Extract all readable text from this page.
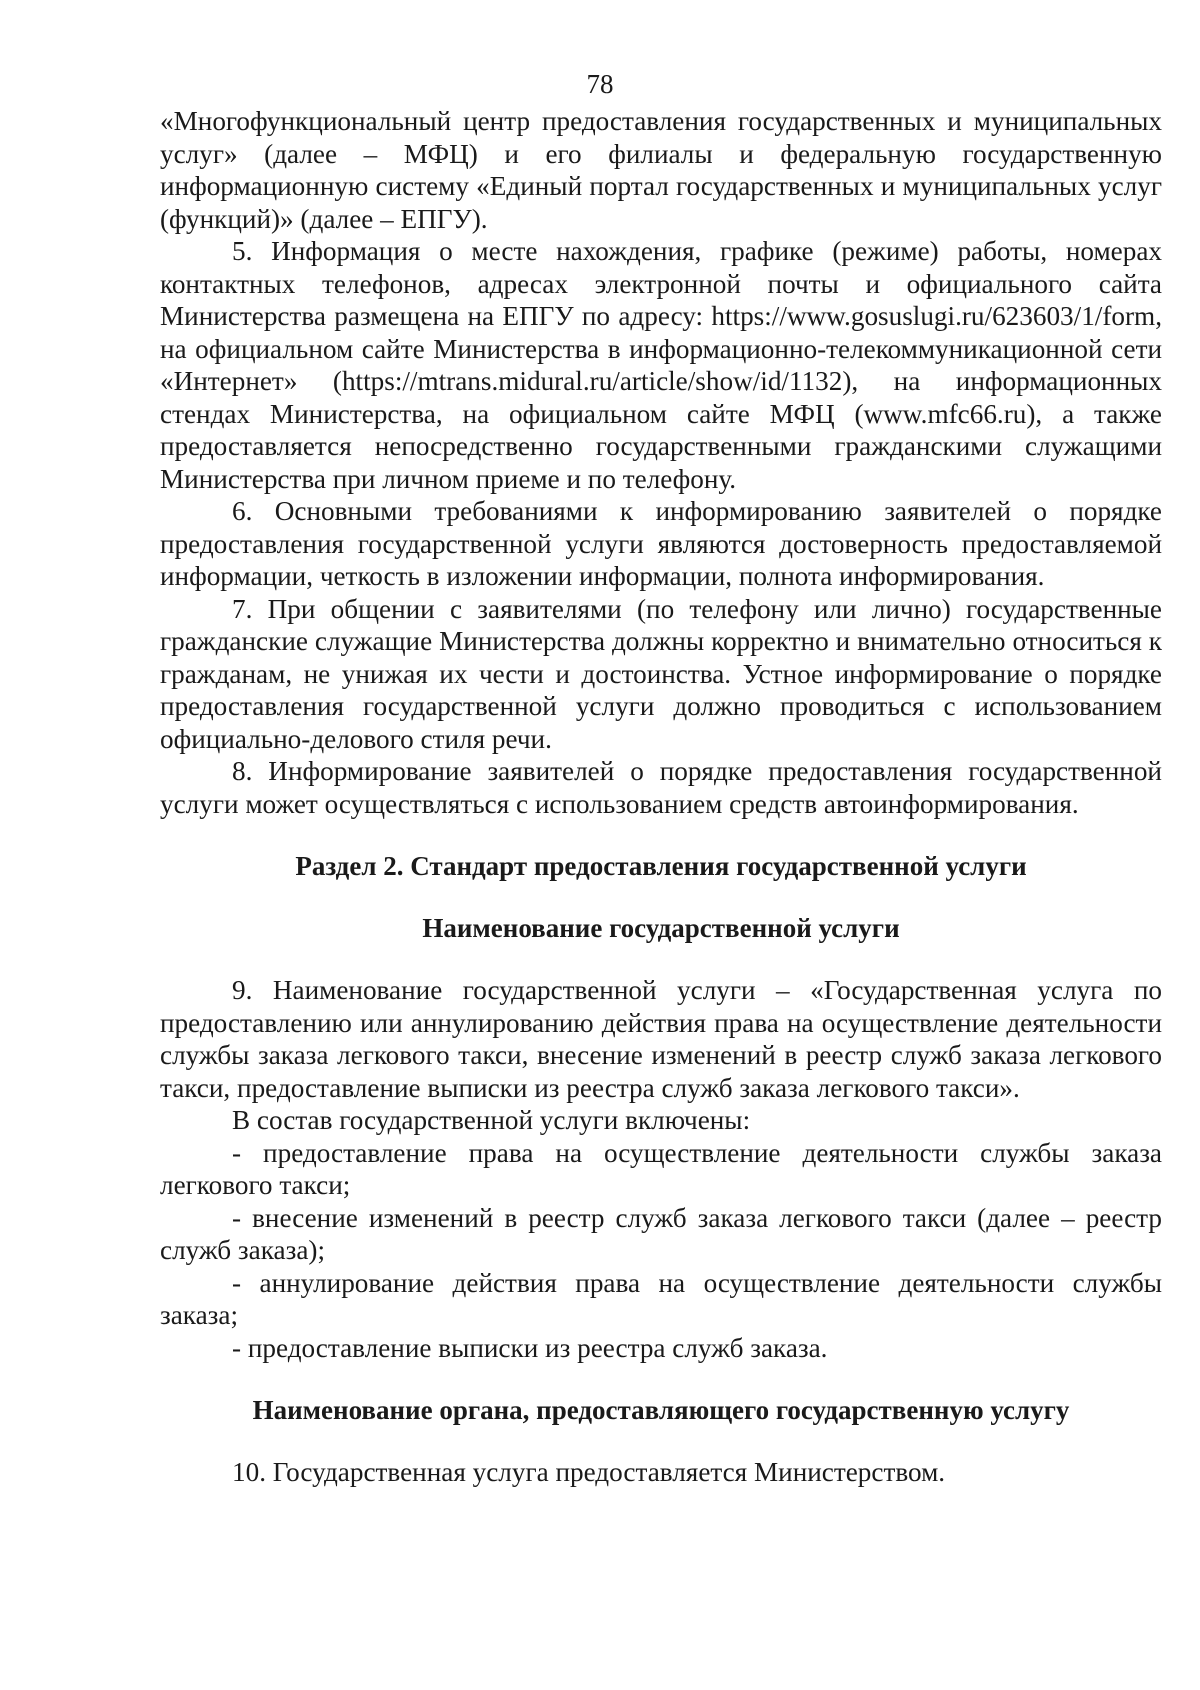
78

«Многофункциональный центр предоставления государственных и муниципальных услуг» (далее – МФЦ) и его филиалы и федеральную государственную информационную систему «Единый портал государственных и муниципальных услуг (функций)» (далее – ЕПГУ).

5. Информация о месте нахождения, графике (режиме) работы, номерах контактных телефонов, адресах электронной почты и официального сайта Министерства размещена на ЕПГУ по адресу: https://www.gosuslugi.ru/623603/1/form, на официальном сайте Министерства в информационно-телекоммуникационной сети «Интернет» (https://mtrans.midural.ru/article/show/id/1132), на информационных стендах Министерства, на официальном сайте МФЦ (www.mfc66.ru), а также предоставляется непосредственно государственными гражданскими служащими Министерства при личном приеме и по телефону.

6. Основными требованиями к информированию заявителей о порядке предоставления государственной услуги являются достоверность предоставляемой информации, четкость в изложении информации, полнота информирования.

7. При общении с заявителями (по телефону или лично) государственные гражданские служащие Министерства должны корректно и внимательно относиться к гражданам, не унижая их чести и достоинства. Устное информирование о порядке предоставления государственной услуги должно проводиться с использованием официально-делового стиля речи.

8. Информирование заявителей о порядке предоставления государственной услуги может осуществляться с использованием средств автоинформирования.

Раздел 2. Стандарт предоставления государственной услуги
Наименование государственной услуги

9. Наименование государственной услуги – «Государственная услуга по предоставлению или аннулированию действия права на осуществление деятельности службы заказа легкового такси, внесение изменений в реестр служб заказа легкового такси, предоставление выписки из реестра служб заказа легкового такси».

В состав государственной услуги включены:

- предоставление права на осуществление деятельности службы заказа легкового такси;

- внесение изменений в реестр служб заказа легкового такси (далее – реестр служб заказа);

- аннулирование действия права на осуществление деятельности службы заказа;

- предоставление выписки из реестра служб заказа.

Наименование органа, предоставляющего государственную услугу

10. Государственная услуга предоставляется Министерством.
